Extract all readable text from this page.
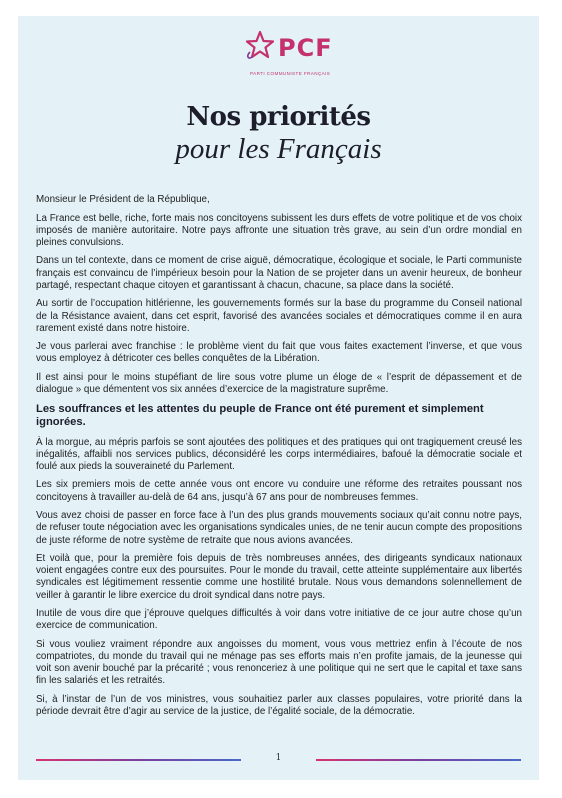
PCF
PARTI COMMUNISTE FRANÇAIS
Nos priorités
pour les Français

Monsieur le Président de la République,

La France est belle, riche, forte mais nos concitoyens subissent les durs effets de votre politique et de vos choix imposés de manière autoritaire. Notre pays affronte une situation très grave, au sein d’un ordre mondial en pleines convulsions.

Dans un tel contexte, dans ce moment de crise aiguë, démocratique, écologique et sociale, le Parti communiste français est convaincu de l’impérieux besoin pour la Nation de se projeter dans un avenir heureux, de bonheur partagé, respectant chaque citoyen et garantissant à chacun, chacune, sa place dans la société.

Au sortir de l’occupation hitlérienne, les gouvernements formés sur la base du programme du Conseil national de la Résistance avaient, dans cet esprit, favorisé des avancées sociales et démocratiques comme il en aura rarement existé dans notre histoire.

Je vous parlerai avec franchise : le problème vient du fait que vous faites exactement l’inverse, et que vous vous employez à détricoter ces belles conquêtes de la Libération.

Il est ainsi pour le moins stupéfiant de lire sous votre plume un éloge de « l’esprit de dépassement et de dialogue » que démentent vos six années d’exercice de la magistrature suprême.

Les souffrances et les attentes du peuple de France ont été purement et simplement ignorées.

À la morgue, au mépris parfois se sont ajoutées des politiques et des pratiques qui ont tragiquement creusé les inégalités, affaibli nos services publics, déconsidéré les corps intermédiaires, bafoué la démocratie sociale et foulé aux pieds la souveraineté du Parlement.

Les six premiers mois de cette année vous ont encore vu conduire une réforme des retraites poussant nos concitoyens à travailler au-delà de 64 ans, jusqu’à 67 ans pour de nombreuses femmes.

Vous avez choisi de passer en force face à l’un des plus grands mouvements sociaux qu’ait connu notre pays, de refuser toute négociation avec les organisations syndicales unies, de ne tenir aucun compte des propositions de juste réforme de notre système de retraite que nous avions avancées.

Et voilà que, pour la première fois depuis de très nombreuses années, des dirigeants syndicaux nationaux voient engagées contre eux des poursuites. Pour le monde du travail, cette atteinte supplémentaire aux libertés syndicales est légitimement ressentie comme une hostilité brutale. Nous vous demandons solennellement de veiller à garantir le libre exercice du droit syndical dans notre pays.

Inutile de vous dire que j’éprouve quelques difficultés à voir dans votre initiative de ce jour autre chose qu’un exercice de communication.

Si vous vouliez vraiment répondre aux angoisses du moment, vous vous mettriez enfin à l’écoute de nos compatriotes, du monde du travail qui ne ménage pas ses efforts mais n’en profite jamais, de la jeunesse qui voit son avenir bouché par la précarité ; vous renonceriez à une politique qui ne sert que le capital et taxe sans fin les salariés et les retraités.

Si, à l’instar de l’un de vos ministres, vous souhaitiez parler aux classes populaires, votre priorité dans la période devrait être d’agir au service de la justice, de l’égalité sociale, de la démocratie.

1
